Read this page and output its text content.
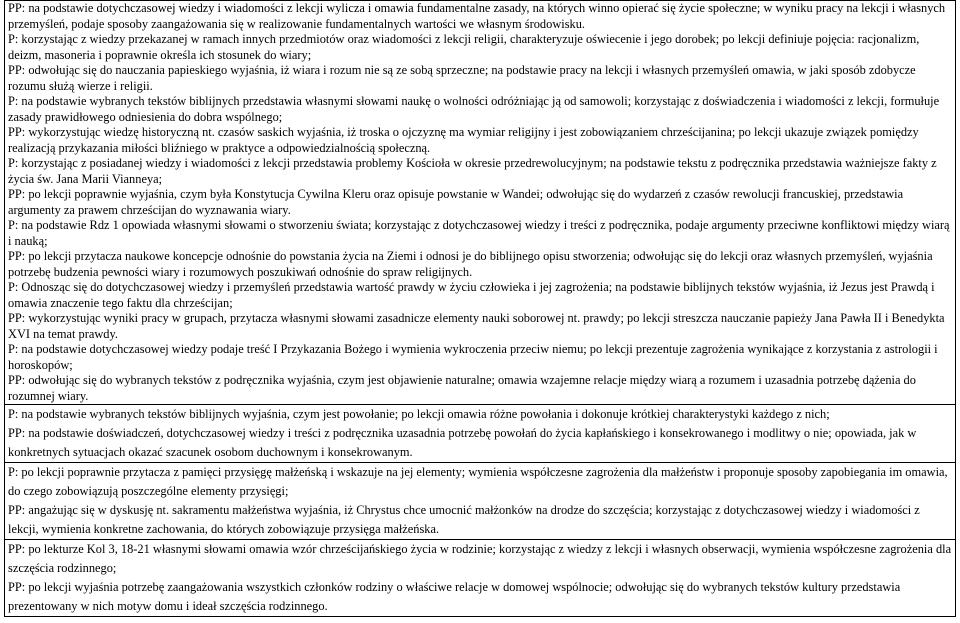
PP: na podstawie dotychczasowej wiedzy i wiadomości z lekcji wylicza i omawia fundamentalne zasady, na których winno opierać się życie społeczne; w wyniku pracy na lekcji i własnych przemyśleń, podaje sposoby zaangażowania się w realizowanie fundamentalnych wartości we własnym środowisku.

P: korzystając z wiedzy przekazanej w ramach innych przedmiotów oraz wiadomości z lekcji religii, charakteryzuje oświecenie i jego dorobek; po lekcji definiuje pojęcia: racjonalizm, deizm, masoneria i poprawnie określa ich stosunek do wiary;

PP: odwołując się do nauczania papieskiego wyjaśnia, iż wiara i rozum nie są ze sobą sprzeczne; na podstawie pracy na lekcji i własnych przemyśleń omawia, w jaki sposób zdobycze rozumu służą wierze i religii.

P: na podstawie wybranych tekstów biblijnych przedstawia własnymi słowami naukę o wolności odróżniając ją od samowoli; korzystając z doświadczenia i wiadomości z lekcji, formułuje zasady prawidłowego odniesienia do dobra wspólnego;

PP: wykorzystując wiedzę historyczną nt. czasów saskich wyjaśnia, iż troska o ojczyznę ma wymiar religijny i jest zobowiązaniem chrześcijanina; po lekcji ukazuje związek pomiędzy realizacją przykazania miłości bliźniego w praktyce a odpowiedzialnością społeczną.

P: korzystając z posiadanej wiedzy i wiadomości z lekcji przedstawia problemy Kościoła w okresie przedrewolucyjnym; na podstawie tekstu z podręcznika przedstawia ważniejsze fakty z życia św. Jana Marii Vianneya;

PP: po lekcji poprawnie wyjaśnia, czym była Konstytucja Cywilna Kleru oraz opisuje powstanie w Wandei; odwołując się do wydarzeń z czasów rewolucji francuskiej, przedstawia argumenty za prawem chrześcijan do wyznawania wiary.

P: na podstawie Rdz 1 opowiada własnymi słowami o stworzeniu świata; korzystając z dotychczasowej wiedzy i treści z podręcznika, podaje argumenty przeciwne konfliktowi między wiarą i nauką;

PP: po lekcji przytacza naukowe koncepcje odnośnie do powstania życia na Ziemi i odnosi je do biblijnego opisu stworzenia; odwołując się do lekcji oraz własnych przemyśleń, wyjaśnia potrzebę budzenia pewności wiary i rozumowych poszukiwań odnośnie do spraw religijnych.

P: Odnosząc się do dotychczasowej wiedzy i przemyśleń przedstawia wartość prawdy w życiu człowieka i jej zagrożenia; na podstawie biblijnych tekstów wyjaśnia, iż Jezus jest Prawdą i omawia znaczenie tego faktu dla chrześcijan;

PP: wykorzystując wyniki pracy w grupach, przytacza własnymi słowami zasadnicze elementy nauki soborowej nt. prawdy; po lekcji streszcza nauczanie papieży Jana Pawła II i Benedykta XVI na temat prawdy.

P: na podstawie dotychczasowej wiedzy podaje treść I Przykazania Bożego i wymienia wykroczenia przeciw niemu; po lekcji prezentuje zagrożenia wynikające z korzystania z astrologii i horoskopów;

PP: odwołując się do wybranych tekstów z podręcznika wyjaśnia, czym jest objawienie naturalne; omawia wzajemne relacje między wiarą a rozumem i uzasadnia potrzebę dążenia do rozumnej wiary.

P: na podstawie wybranych tekstów biblijnych wyjaśnia, czym jest powołanie; po lekcji omawia różne powołania i dokonuje krótkiej charakterystyki każdego z nich;

PP: na podstawie doświadczeń, dotychczasowej wiedzy i treści z podręcznika uzasadnia potrzebę powołań do życia kapłańskiego i konsekrowanego i modlitwy o nie; opowiada, jak w konkretnych sytuacjach okazać szacunek osobom duchownym i konsekrowanym.

P: po lekcji poprawnie przytacza z pamięci przysięgę małżeńską i wskazuje na jej elementy; wymienia współczesne zagrożenia dla małżeństw i proponuje sposoby zapobiegania im omawia, do czego zobowiązują poszczególne elementy przysięgi;

PP: angażując się w dyskusję nt. sakramentu małżeństwa wyjaśnia, iż Chrystus chce umocnić małżonków na drodze do szczęścia; korzystając z dotychczasowej wiedzy i wiadomości z lekcji, wymienia konkretne zachowania, do których zobowiązuje przysięga małżeńska.

PP: po lekturze Kol 3, 18-21 własnymi słowami omawia wzór chrześcijańskiego życia w rodzinie; korzystając z wiedzy z lekcji i własnych obserwacji, wymienia współczesne zagrożenia dla szczęścia rodzinnego;

PP: po lekcji wyjaśnia potrzebę zaangażowania wszystkich członków rodziny o właściwe relacje w domowej wspólnocie; odwołując się do wybranych tekstów kultury przedstawia prezentowany w nich motyw domu i ideał szczęścia rodzinnego.
